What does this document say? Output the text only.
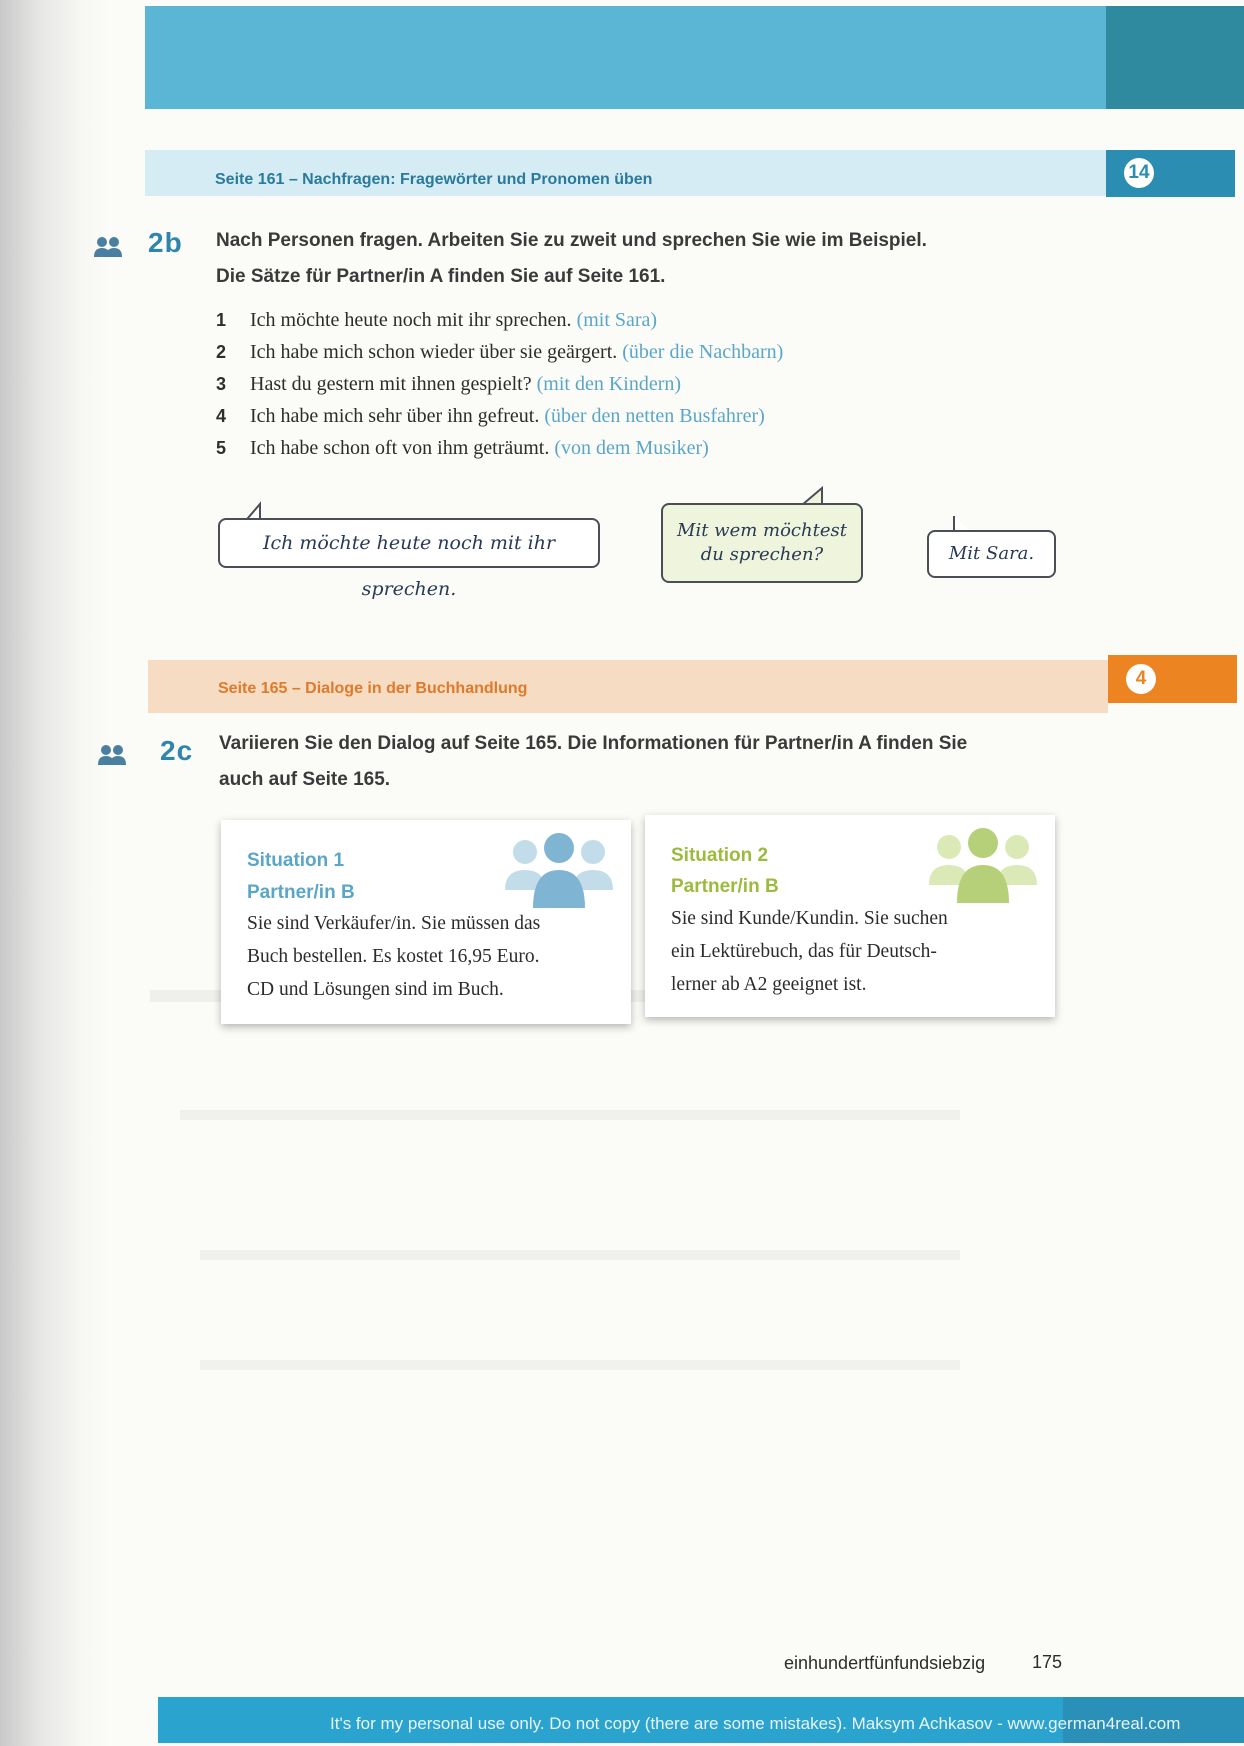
Seite 161 – Nachfragen: Fragewörter und Pronomen üben	14
2b Nach Personen fragen. Arbeiten Sie zu zweit und sprechen Sie wie im Beispiel.
Die Sätze für Partner/in A finden Sie auf Seite 161.
1 Ich möchte heute noch mit ihr sprechen. (mit Sara)
2 Ich habe mich schon wieder über sie geärgert. (über die Nachbarn)
3 Hast du gestern mit ihnen gespielt? (mit den Kindern)
4 Ich habe mich sehr über ihn gefreut. (über den netten Busfahrer)
5 Ich habe schon oft von ihm geträumt. (von dem Musiker)
Ich möchte heute noch mit ihr sprechen.
Mit wem möchtest
du sprechen?	Mit Sara.
Seite 165 – Dialoge in der Buchhandlung	4
2c Variieren Sie den Dialog auf Seite 165. Die Informationen für Partner/in A finden Sie
auch auf Seite 165.
Situation 1
Partner/in B
Sie sind Verkäufer/in. Sie müssen das
Buch bestellen. Es kostet 16,95 Euro.
CD und Lösungen sind im Buch.
Situation 2
Partner/in B
Sie sind Kunde/Kundin. Sie suchen
ein Lektürebuch, das für Deutsch-
lerner ab A2 geeignet ist.
einhundertfünfundsiebzig	175
It's for my personal use only. Do not copy (there are some mistakes). Maksym Achkasov - www.german4real.com
